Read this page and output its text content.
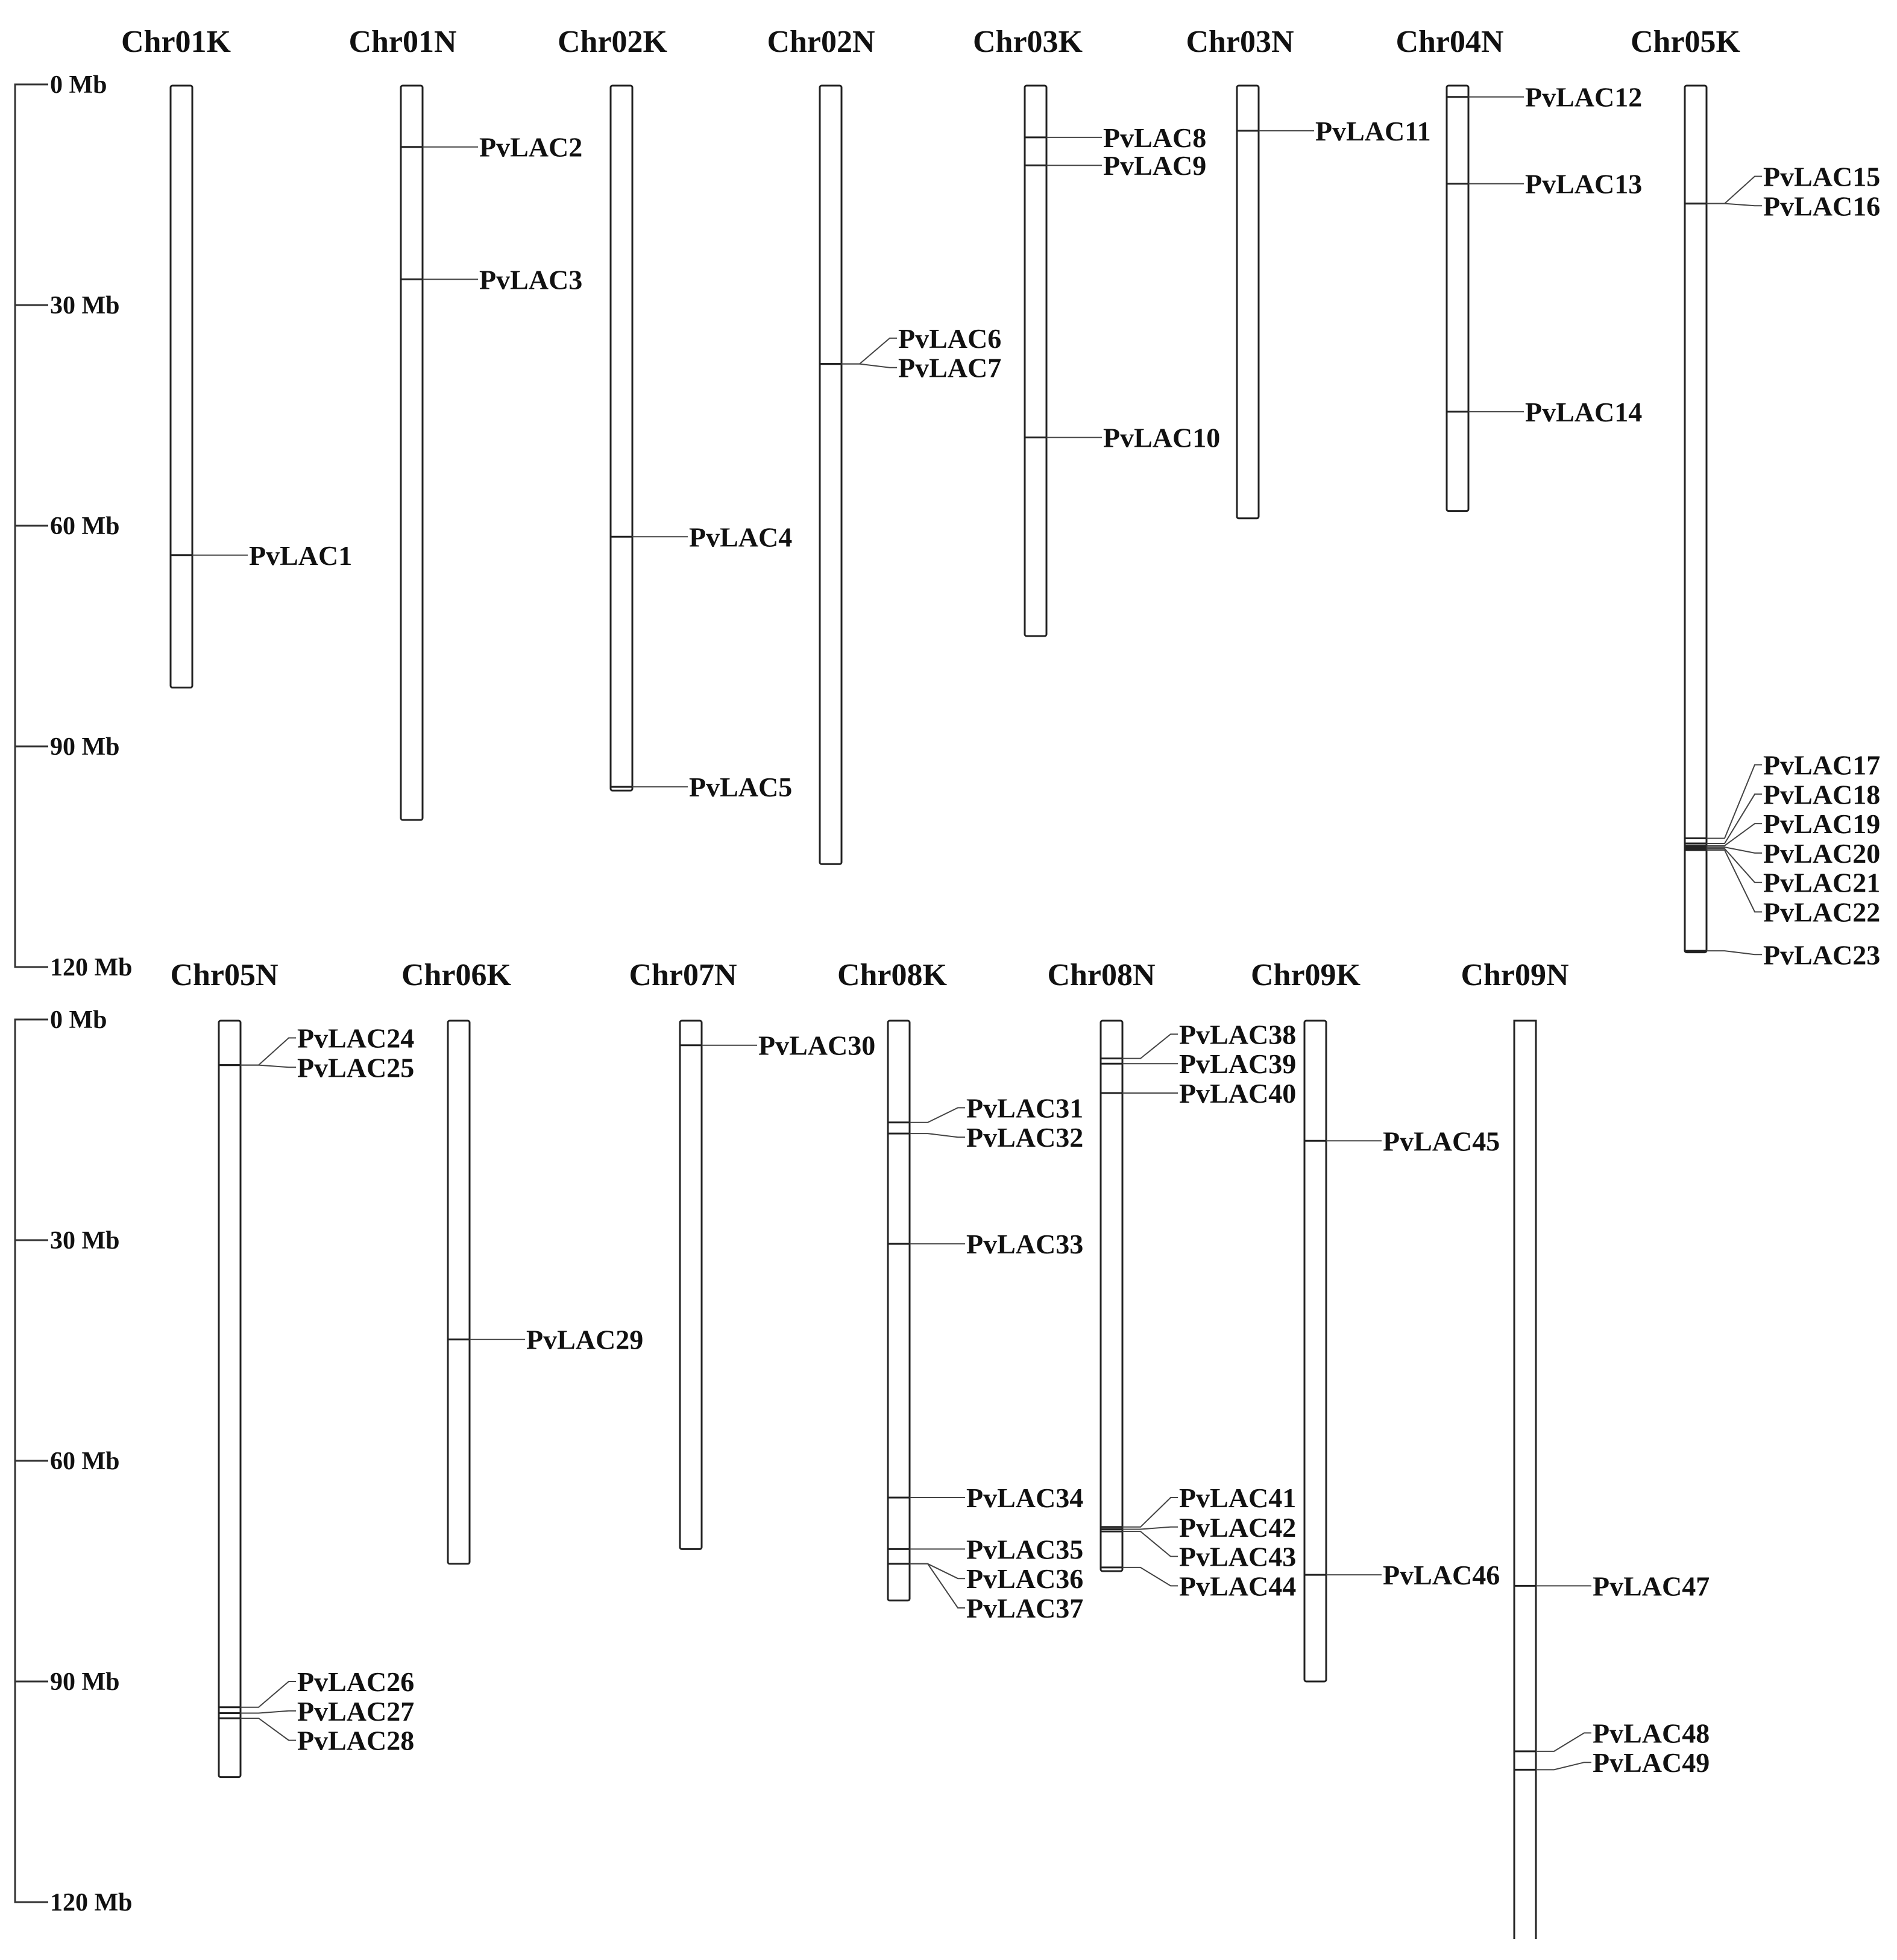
0 Mb
30 Mb
60 Mb
90 Mb
120 Mb
0 Mb
30 Mb
60 Mb
90 Mb
120 Mb
Chr01K
PvLAC1
Chr01N
PvLAC2
PvLAC3
Chr02K
PvLAC4
PvLAC5
Chr02N
PvLAC6
PvLAC7
Chr03K
PvLAC8
PvLAC9
PvLAC10
Chr03N
PvLAC11
Chr04N
PvLAC12
PvLAC13
PvLAC14
Chr05K
PvLAC15
PvLAC16
PvLAC17
PvLAC18
PvLAC19
PvLAC20
PvLAC21
PvLAC22
PvLAC23
Chr05N
PvLAC24
PvLAC25
PvLAC26
PvLAC27
PvLAC28
Chr06K
PvLAC29
Chr07N
PvLAC30
Chr08K
PvLAC31
PvLAC32
PvLAC33
PvLAC34
PvLAC35
PvLAC36
PvLAC37
Chr08N
PvLAC38
PvLAC39
PvLAC40
PvLAC41
PvLAC42
PvLAC43
PvLAC44
Chr09K
PvLAC45
PvLAC46
Chr09N
PvLAC47
PvLAC48
PvLAC49
